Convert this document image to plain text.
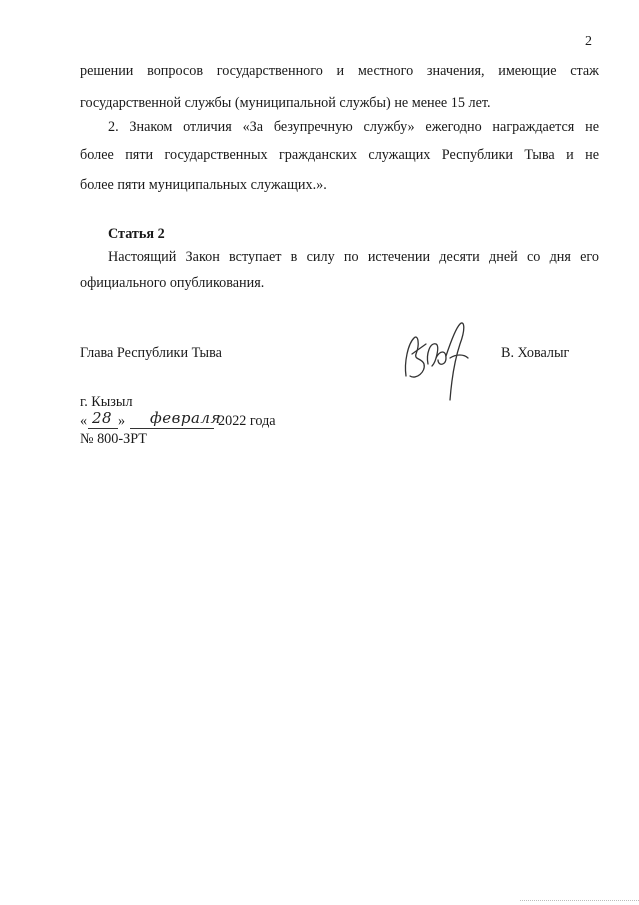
2
решении вопросов государственного и местного значения, имеющие стаж
государственной службы (муниципальной службы) не менее 15 лет.
2. Знаком отличия «За безупречную службу» ежегодно награждается не
более пяти государственных гражданских служащих Республики Тыва и не
более пяти муниципальных служащих.».
Статья 2
Настоящий Закон вступает в силу по истечении десяти дней со дня его
официального опубликования.
Глава Республики Тыва	В. Ховалыг
г. Кызыл
« 28 » февраля
2022 года
№ 800-ЗРТ
